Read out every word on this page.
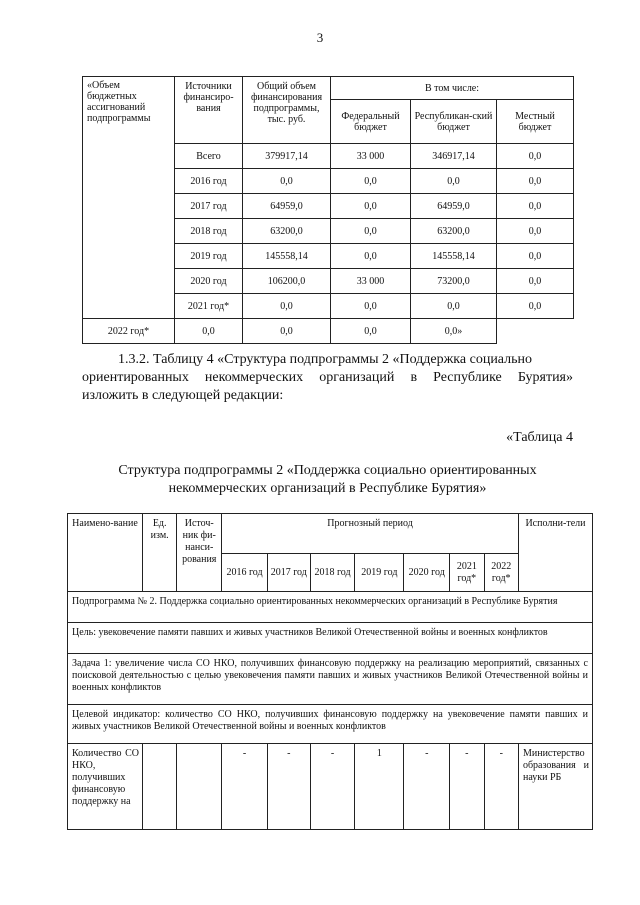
3
«Объем бюджетных ассигнований подпрограммы	Источники финансиро-вания	Общий объем финансирования подпрограммы, тыс. руб.	В том числе:		
			Федеральный бюджет	Республикан-ский бюджет	Местный бюджет
	Всего	379917,14	33 000	346917,14	0,0
	2016 год	0,0	0,0	0,0	0,0
	2017 год	64959,0	0,0	64959,0	0,0
	2018 год	63200,0	0,0	63200,0	0,0
	2019 год	145558,14	0,0	145558,14	0,0
	2020 год	106200,0	33 000	73200,0	0,0
	2021 год*	0,0	0,0	0,0	0,0
2022 год*	0,0	0,0	0,0	0,0»	
1.3.2. Таблицу 4 «Структура подпрограммы 2 «Поддержка социально
ориентированных некоммерческих организаций в Республике Бурятия»
изложить в следующей редакции:
«Таблица 4
Структура подпрограммы 2 «Поддержка социально ориентированных
некоммерческих организаций в Республике Бурятия»
Наимено-вание	Ед. изм.	Источ-ник фи-нанси-рования	Прогнозный период							Исполни-тели
			2016 год	2017 год	2018 год	2019 год	2020 год	2021 год*	2022 год*	
Подпрограмма № 2. Поддержка социально ориентированных некоммерческих организаций в Республике Бурятия										
Цель: увековечение памяти павших и живых участников Великой Отечественной войны и военных конфликтов										
Задача 1: увеличение числа СО НКО, получивших финансовую поддержку на реализацию мероприятий, связанных с поисковой деятельностью с целью увековечения памяти павших и живых участников Великой Отечественной войны и военных конфликтов										
Целевой индикатор: количество СО НКО, получивших финансовую поддержку на увековечение памяти павших и живых участников Великой Отечественной войны и военных конфликтов										
Количество СО НКО, получивших финансовую поддержку на			-	-	-	1	-	-	-	Министерство образования и науки РБ
